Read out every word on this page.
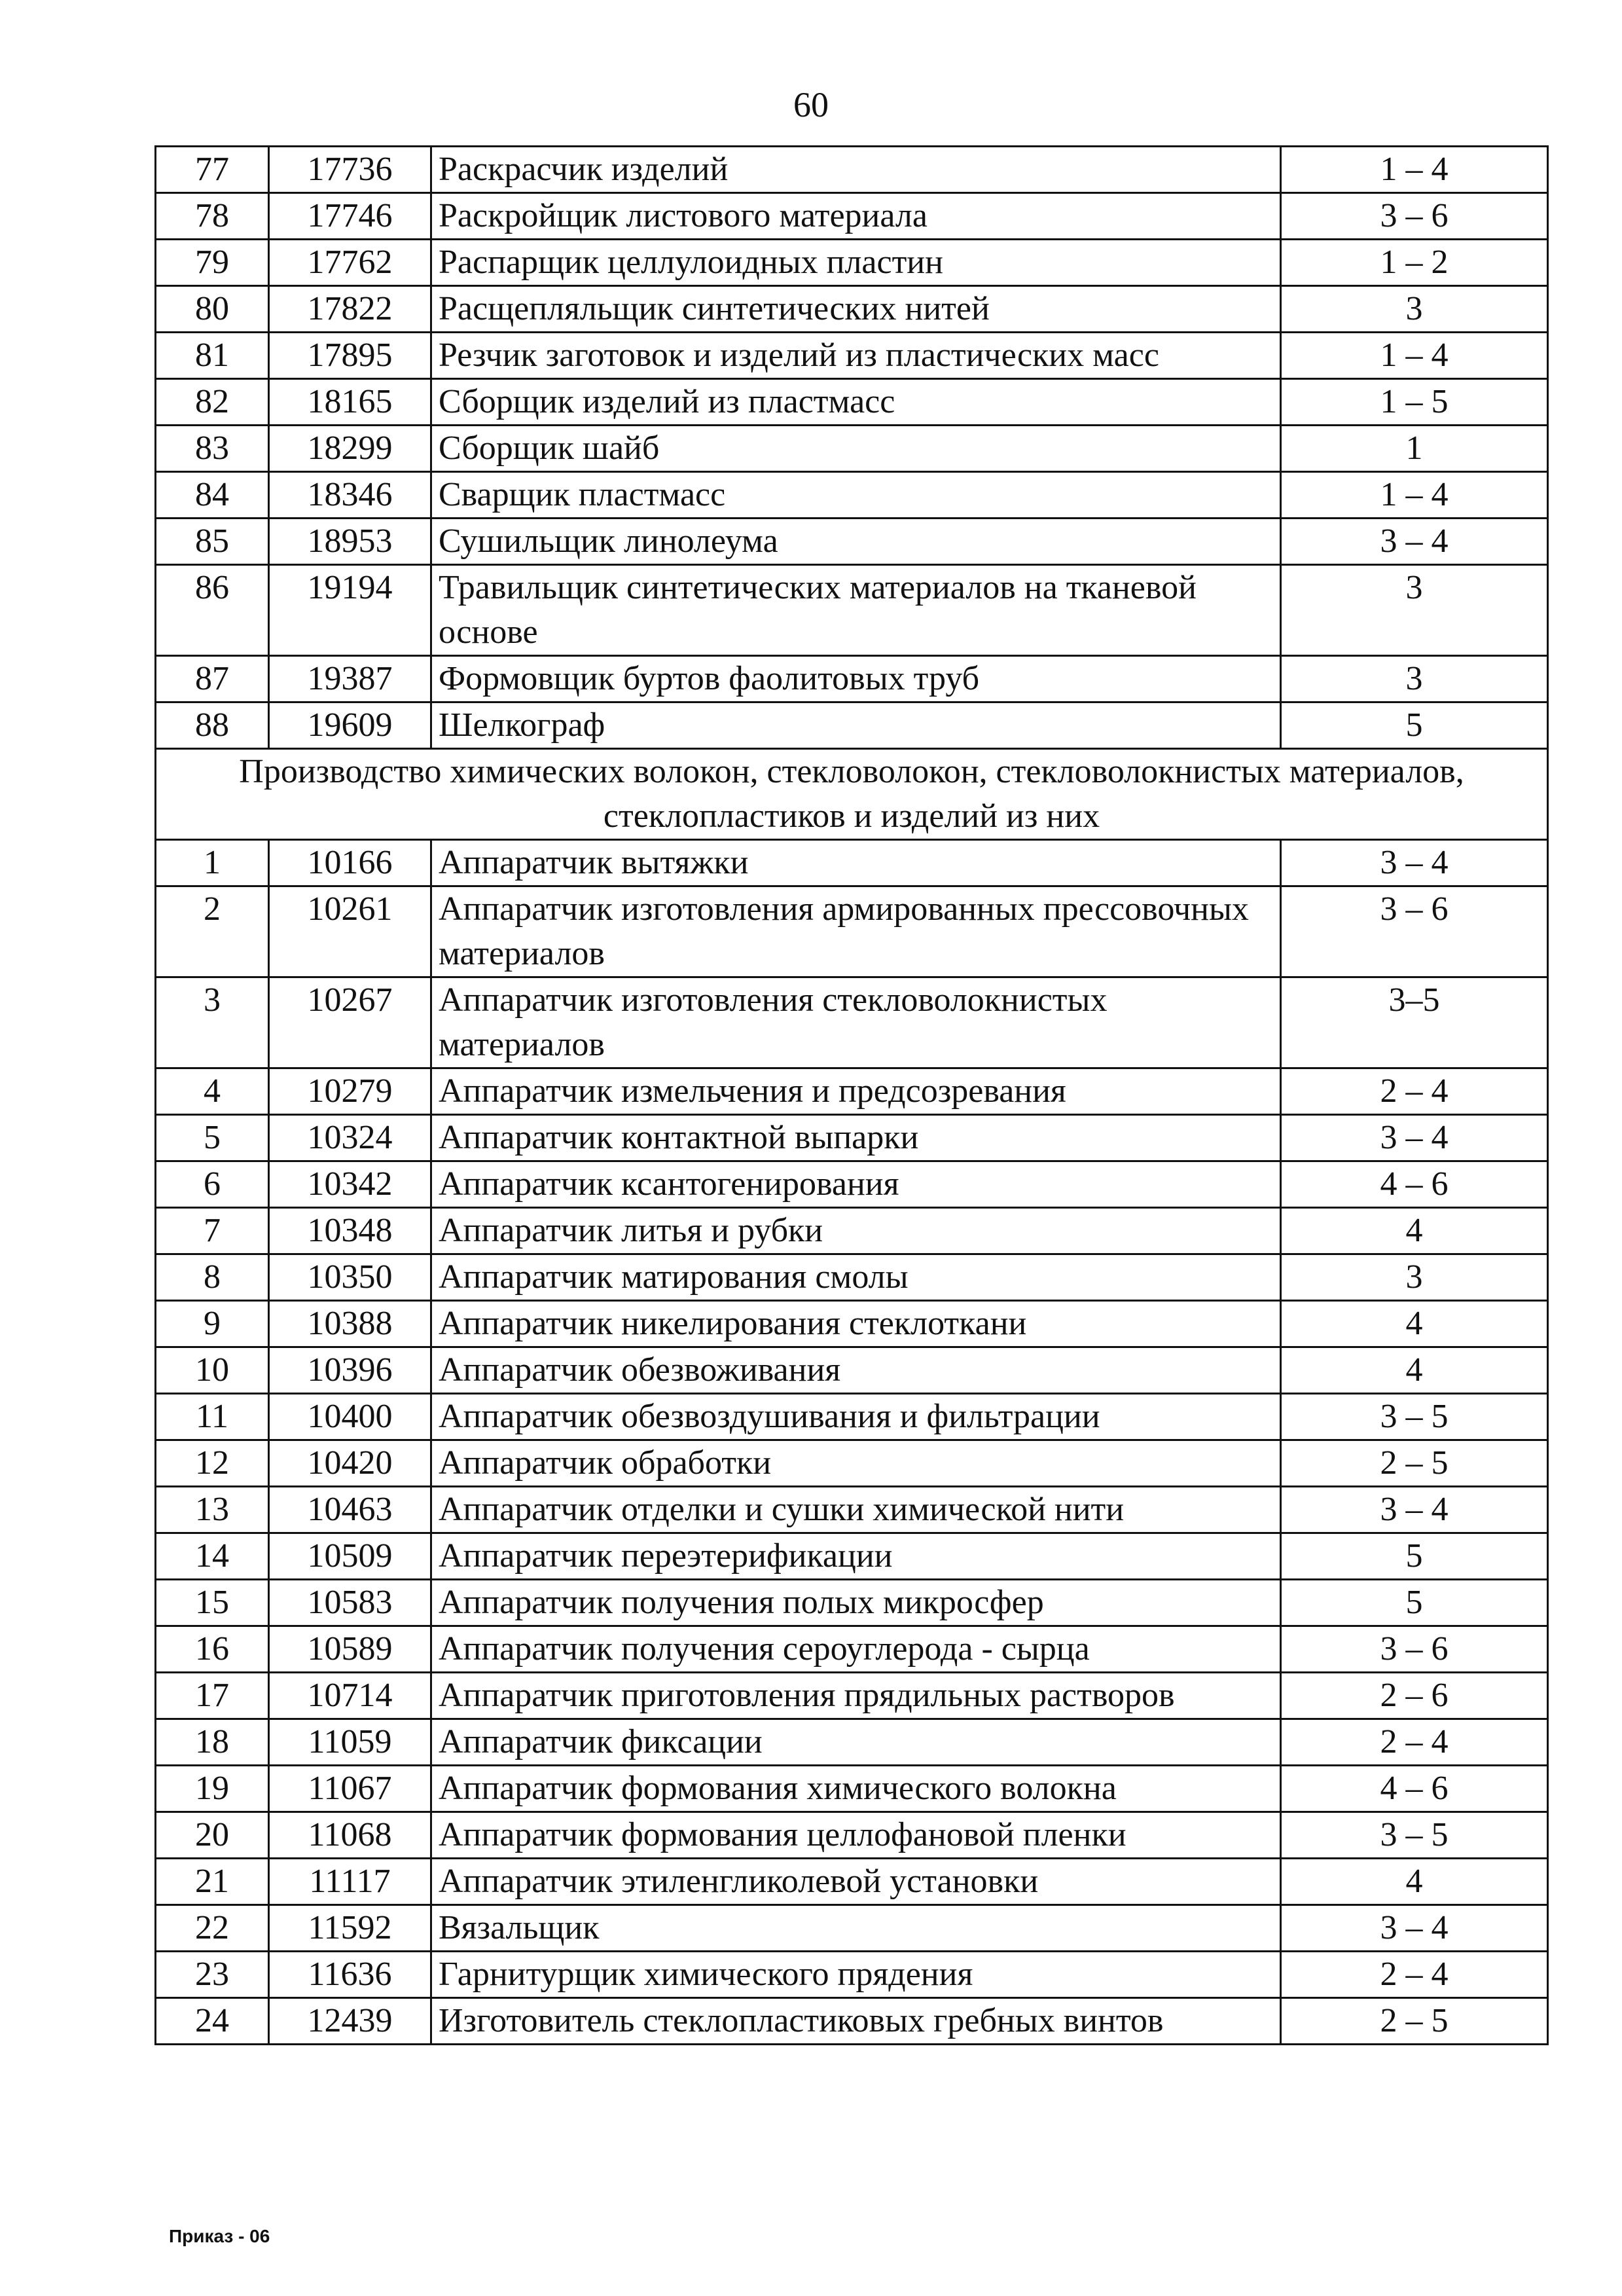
60
77	17736	Раскрасчик изделий	1 – 4
78	17746	Раскройщик листового материала	3 – 6
79	17762	Распарщик целлулоидных пластин	1 – 2
80	17822	Расщепляльщик синтетических нитей	3
81	17895	Резчик заготовок и изделий из пластических масс	1 – 4
82	18165	Сборщик изделий из пластмасс	1 – 5
83	18299	Сборщик шайб	1
84	18346	Сварщик пластмасс	1 – 4
85	18953	Сушильщик линолеума	3 – 4
86	19194	Травильщик синтетических материалов на тканевой основе	3
87	19387	Формовщик буртов фаолитовых труб	3
88	19609	Шелкограф	5
Производство химических волокон, стекловолокон, стекловолокнистых материалов, стеклопластиков и изделий из них			
1	10166	Аппаратчик вытяжки	3 – 4
2	10261	Аппаратчик изготовления армированных прессовочных материалов	3 – 6
3	10267	Аппаратчик изготовления стекловолокнистых материалов	3–5
4	10279	Аппаратчик измельчения и предсозревания	2 – 4
5	10324	Аппаратчик контактной выпарки	3 – 4
6	10342	Аппаратчик ксантогенирования	4 – 6
7	10348	Аппаратчик литья и рубки	4
8	10350	Аппаратчик матирования смолы	3
9	10388	Аппаратчик никелирования стеклоткани	4
10	10396	Аппаратчик обезвоживания	4
11	10400	Аппаратчик обезвоздушивания и фильтрации	3 – 5
12	10420	Аппаратчик обработки	2 – 5
13	10463	Аппаратчик отделки и сушки химической нити	3 – 4
14	10509	Аппаратчик переэтерификации	5
15	10583	Аппаратчик получения полых микросфер	5
16	10589	Аппаратчик получения сероуглерода - сырца	3 – 6
17	10714	Аппаратчик приготовления прядильных растворов	2 – 6
18	11059	Аппаратчик фиксации	2 – 4
19	11067	Аппаратчик формования химического волокна	4 – 6
20	11068	Аппаратчик формования целлофановой пленки	3 – 5
21	11117	Аппаратчик этиленгликолевой установки	4
22	11592	Вязальщик	3 – 4
23	11636	Гарнитурщик химического прядения	2 – 4
24	12439	Изготовитель стеклопластиковых гребных винтов	2 – 5
Приказ - 06
